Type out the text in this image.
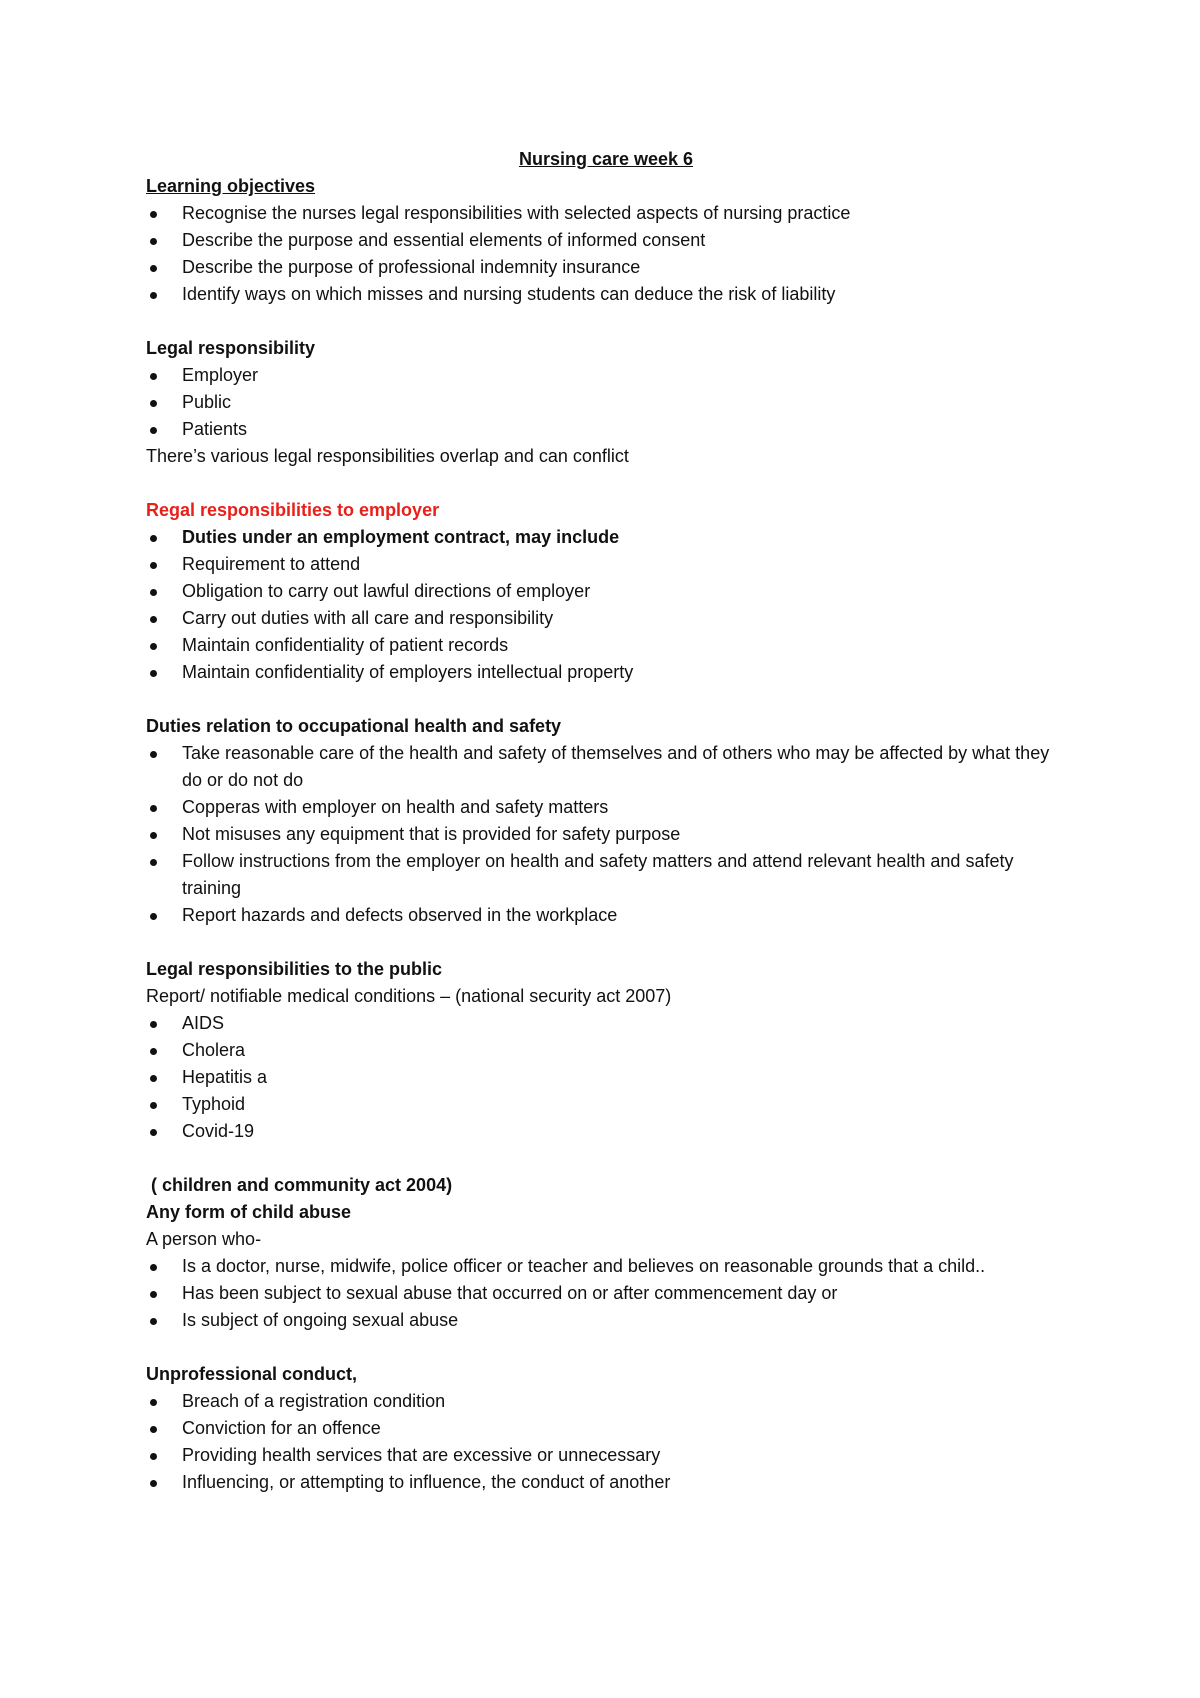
Nursing care week 6

Learning objectives

Recognise the nurses legal responsibilities with selected aspects of nursing practice
Describe the purpose and essential elements of informed consent
Describe the purpose of professional indemnity insurance
Identify ways on which misses and nursing students can deduce the risk of liability

Legal responsibility

Employer
Public
Patients

There’s various legal responsibilities overlap and can conflict

Regal responsibilities to employer

Duties under an employment contract, may include
Requirement to attend
Obligation to carry out lawful directions of employer
Carry out duties with all care and responsibility
Maintain confidentiality of patient records
Maintain confidentiality of employers intellectual property

Duties relation to occupational health and safety

Take reasonable care of the health and safety of themselves and of others who may be affected by what they do or do not do
Copperas with employer on health and safety matters
Not misuses any equipment that is provided for safety purpose
Follow instructions from the employer on health and safety matters and attend relevant health and safety training
Report hazards and defects observed in the workplace

Legal responsibilities to the public

Report/ notifiable medical conditions – (national security act 2007)

AIDS
Cholera
Hepatitis a
Typhoid
Covid-19

( children and community act 2004)

Any form of child abuse

A person who-

Is a doctor, nurse, midwife, police officer or teacher and believes on reasonable grounds that a child..
Has been subject to sexual abuse that occurred on or after commencement day or
Is subject of ongoing sexual abuse

Unprofessional conduct,

Breach of a registration condition
Conviction for an offence
Providing health services that are excessive or unnecessary
Influencing, or attempting to influence, the conduct of another
